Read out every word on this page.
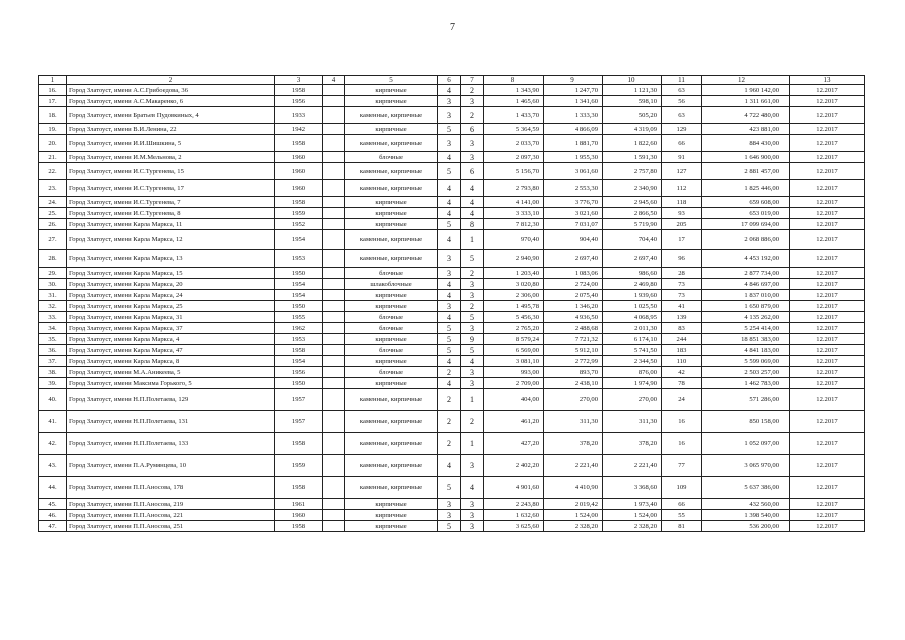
7
1	2	3	4	5	6	7	8	9	10	11	12	13
16.	Город Златоуст, имени А.С.Грибоедова, 36	1958		кирпичные	4	2	1 343,90	1 247,70	1 121,30	63	1 960 142,00	12.2017
17.	Город Златоуст, имени А.С.Макаренко, 6	1956		кирпичные	3	3	1 465,60	1 341,60	598,10	56	1 311 661,00	12.2017
18.	Город Златоуст, имени Братьев Пудовкиных, 4	1933		каменные, кирпичные	3	2	1 433,70	1 333,30	505,20	63	4 722 480,00	12.2017
19.	Город Златоуст, имени В.И.Ленина, 22	1942		кирпичные	5	6	5 364,59	4 866,09	4 319,09	129	423 881,00	12.2017
20.	Город Златоуст, имени И.И.Шишкина, 5	1958		каменные, кирпичные	3	3	2 033,70	1 881,70	1 822,60	66	884 430,00	12.2017
21.	Город Златоуст, имени И.М.Мельнова, 2	1960		блочные	4	3	2 097,30	1 955,30	1 591,30	91	1 646 900,00	12.2017
22.	Город Златоуст, имени И.С.Тургенева, 15	1960		каменные, кирпичные	5	6	5 156,70	3 061,60	2 757,80	127	2 881 457,00	12.2017
23.	Город Златоуст, имени И.С.Тургенева, 17	1960		каменные, кирпичные	4	4	2 793,80	2 553,30	2 340,90	112	1 825 446,00	12.2017
24.	Город Златоуст, имени И.С.Тургенева, 7	1958		кирпичные	4	4	4 141,00	3 776,70	2 945,60	118	659 608,00	12.2017
25.	Город Златоуст, имени И.С.Тургенева, 8	1959		кирпичные	4	4	3 333,10	3 021,60	2 866,50	93	653 019,00	12.2017
26.	Город Златоуст, имени Карла Маркса, 11	1952		кирпичные	5	8	7 812,30	7 031,07	5 719,90	205	17 099 694,00	12.2017
27.	Город Златоуст, имени Карла Маркса, 12	1954		каменные, кирпичные	4	1	970,40	904,40	704,40	17	2 068 886,00	12.2017
28.	Город Златоуст, имени Карла Маркса, 13	1953		каменные, кирпичные	3	5	2 940,90	2 697,40	2 697,40	96	4 453 192,00	12.2017
29.	Город Златоуст, имени Карла Маркса, 15	1950		блочные	3	2	1 203,40	1 083,06	986,60	28	2 877 734,00	12.2017
30.	Город Златоуст, имени Карла Маркса, 20	1954		шлакоблочные	4	3	3 020,80	2 724,00	2 469,80	73	4 846 697,00	12.2017
31.	Город Златоуст, имени Карла Маркса, 24	1954		кирпичные	4	3	2 306,00	2 075,40	1 939,60	73	1 837 010,00	12.2017
32.	Город Златоуст, имени Карла Маркса, 25	1950		кирпичные	3	2	1 495,78	1 346,20	1 025,50	41	1 650 879,00	12.2017
33.	Город Златоуст, имени Карла Маркса, 31	1955		блочные	4	5	5 456,30	4 936,50	4 068,95	139	4 135 262,00	12.2017
34.	Город Златоуст, имени Карла Маркса, 37	1962		блочные	5	3	2 765,20	2 488,68	2 011,30	83	5 254 414,00	12.2017
35.	Город Златоуст, имени Карла Маркса, 4	1953		кирпичные	5	9	8 579,24	7 721,32	6 174,10	244	18 851 383,00	12.2017
36.	Город Златоуст, имени Карла Маркса, 47	1958		блочные	5	5	6 569,00	5 912,10	5 741,50	183	4 841 183,00	12.2017
37.	Город Златоуст, имени Карла Маркса, 8	1954		кирпичные	4	4	3 081,10	2 772,99	2 344,50	110	5 599 069,00	12.2017
38.	Город Златоуст, имени М.А.Аникеева, 5	1956		блочные	2	3	993,00	893,70	876,00	42	2 503 257,00	12.2017
39.	Город Златоуст, имени Максима Горького, 5	1950		кирпичные	4	3	2 709,00	2 438,10	1 974,90	78	1 462 783,00	12.2017
40.	Город Златоуст, имени Н.П.Полетаева, 129	1957		каменные, кирпичные	2	1	404,00	270,00	270,00	24	571 286,00	12.2017
41.	Город Златоуст, имени Н.П.Полетаева, 131	1957		каменные, кирпичные	2	2	461,20	311,30	311,30	16	850 158,00	12.2017
42.	Город Златоуст, имени Н.П.Полетаева, 133	1958		каменные, кирпичные	2	1	427,20	378,20	378,20	16	1 052 097,00	12.2017
43.	Город Златоуст, имени П.А.Румянцева, 10	1959		каменные, кирпичные	4	3	2 402,20	2 221,40	2 221,40	77	3 065 970,00	12.2017
44.	Город Златоуст, имени П.П.Аносова, 178	1958		каменные, кирпичные	5	4	4 901,60	4 410,90	3 368,60	109	5 637 386,00	12.2017
45.	Город Златоуст, имени П.П.Аносова, 219	1961		кирпичные	3	3	2 243,80	2 019,42	1 973,40	66	432 560,00	12.2017
46.	Город Златоуст, имени П.П.Аносова, 221	1960		кирпичные	3	3	1 632,60	1 524,00	1 524,00	55	1 398 540,00	12.2017
47.	Город Златоуст, имени П.П.Аносова, 251	1958		кирпичные	5	3	3 625,60	2 328,20	2 328,20	81	536 200,00	12.2017
